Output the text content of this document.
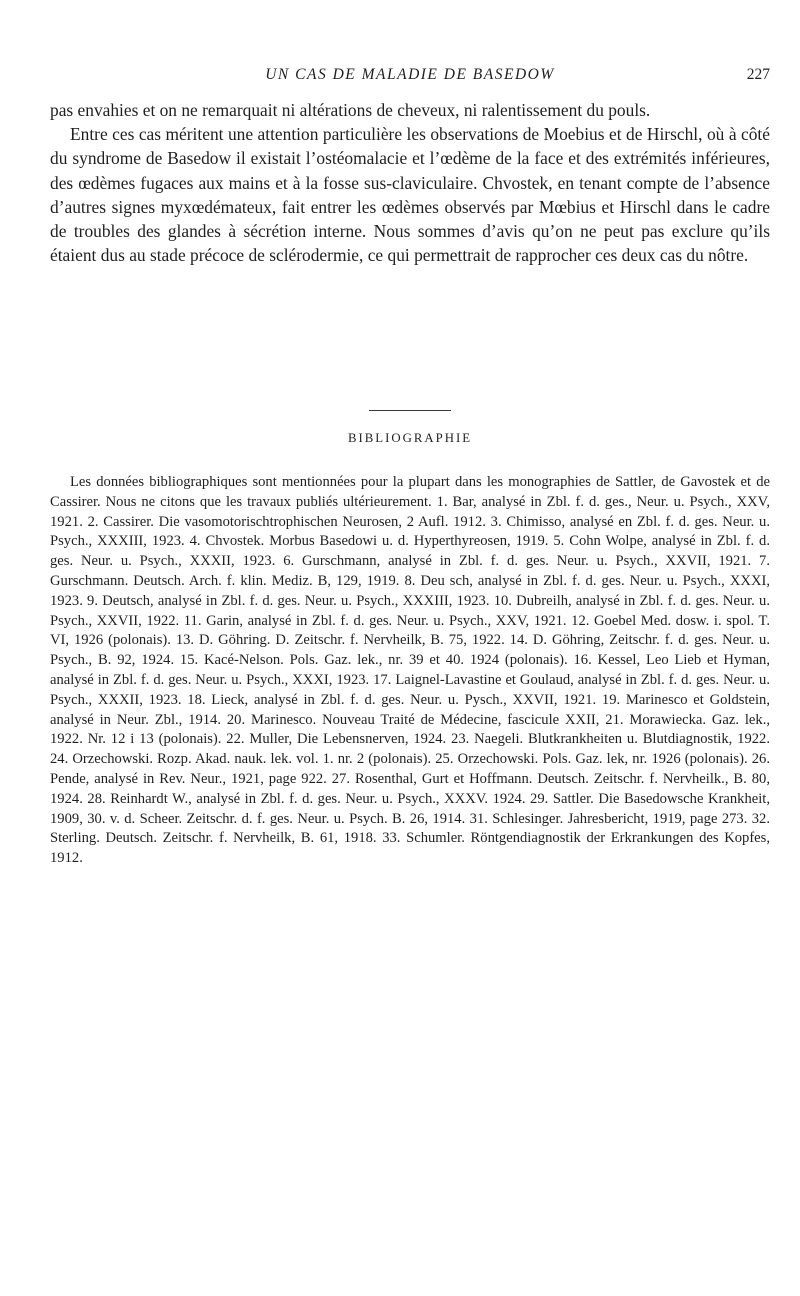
UN CAS DE MALADIE DE BASEDOW	227

pas envahies et on ne remarquait ni altérations de cheveux, ni ralentissement du pouls.

Entre ces cas méritent une attention particulière les observations de Moebius et de Hirschl, où à côté du syndrome de Basedow il existait l’ostéomalacie et l’œdème de la face et des extrémités inférieures, des œdèmes fugaces aux mains et à la fosse sus-claviculaire. Chvostek, en tenant compte de l’absence d’autres signes myxœdémateux, fait entrer les œdèmes observés par Mœbius et Hirschl dans le cadre de troubles des glandes à sécrétion interne. Nous sommes d’avis qu’on ne peut pas exclure qu’ils étaient dus au stade précoce de sclérodermie, ce qui permettrait de rapprocher ces deux cas du nôtre.

BIBLIOGRAPHIE

Les données bibliographiques sont mentionnées pour la plupart dans les monographies de Sattler, de Gavostek et de Cassirer. Nous ne citons que les travaux publiés ultérieurement. 1. Bar, analysé in Zbl. f. d. ges., Neur. u. Psych., XXV, 1921. 2. Cassirer. Die vasomotorischtrophischen Neurosen, 2 Aufl. 1912. 3. Chimisso, analysé en Zbl. f. d. ges. Neur. u. Psych., XXXIII, 1923. 4. Chvostek. Morbus Basedowi u. d. Hyperthyreosen, 1919. 5. Cohn Wolpe, analysé in Zbl. f. d. ges. Neur. u. Psych., XXXII, 1923. 6. Gurschmann, analysé in Zbl. f. d. ges. Neur. u. Psych., XXVII, 1921. 7. Gurschmann. Deutsch. Arch. f. klin. Mediz. B, 129, 1919. 8. Deu sch, analysé in Zbl. f. d. ges. Neur. u. Psych., XXXI, 1923. 9. Deutsch, analysé in Zbl. f. d. ges. Neur. u. Psych., XXXIII, 1923. 10. Dubreilh, analysé in Zbl. f. d. ges. Neur. u. Psych., XXVII, 1922. 11. Garin, analysé in Zbl. f. d. ges. Neur. u. Psych., XXV, 1921. 12. Goebel Med. dosw. i. spol. T. VI, 1926 (polonais). 13. D. Göhring. D. Zeitschr. f. Nervheilk, B. 75, 1922. 14. D. Göhring, Zeitschr. f. d. ges. Neur. u. Psych., B. 92, 1924. 15. Kacé-Nelson. Pols. Gaz. lek., nr. 39 et 40. 1924 (polonais). 16. Kessel, Leo Lieb et Hyman, analysé in Zbl. f. d. ges. Neur. u. Psych., XXXI, 1923. 17. Laignel-Lavastine et Goulaud, analysé in Zbl. f. d. ges. Neur. u. Psych., XXXII, 1923. 18. Lieck, analysé in Zbl. f. d. ges. Neur. u. Pysch., XXVII, 1921. 19. Marinesco et Goldstein, analysé in Neur. Zbl., 1914. 20. Marinesco. Nouveau Traité de Médecine, fascicule XXII, 21. Morawiecka. Gaz. lek., 1922. Nr. 12 i 13 (polonais). 22. Muller, Die Lebensnerven, 1924. 23. Naegeli. Blutkrankheiten u. Blutdiagnostik, 1922. 24. Orzechowski. Rozp. Akad. nauk. lek. vol. 1. nr. 2 (polonais). 25. Orzechowski. Pols. Gaz. lek, nr. 1926 (polonais). 26. Pende, analysé in Rev. Neur., 1921, page 922. 27. Rosenthal, Gurt et Hoffmann. Deutsch. Zeitschr. f. Nervheilk., B. 80, 1924. 28. Reinhardt W., analysé in Zbl. f. d. ges. Neur. u. Psych., XXXV. 1924. 29. Sattler. Die Basedowsche Krankheit, 1909, 30. v. d. Scheer. Zeitschr. d. f. ges. Neur. u. Psych. B. 26, 1914. 31. Schlesinger. Jahresbericht, 1919, page 273. 32. Sterling. Deutsch. Zeitschr. f. Nervheilk, B. 61, 1918. 33. Schumler. Röntgendiagnostik der Erkrankungen des Kopfes, 1912.
